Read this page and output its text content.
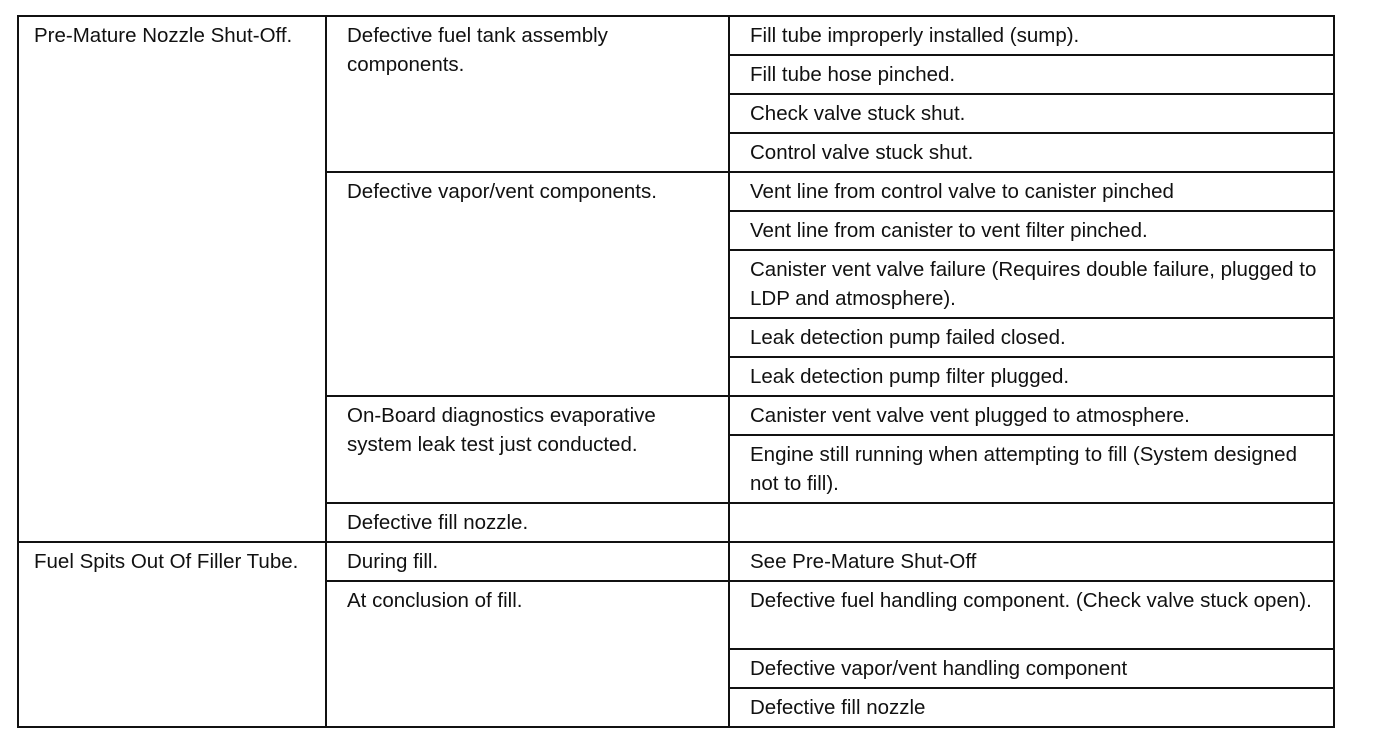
Pre-Mature Nozzle Shut-Off.	Defective fuel tank assembly components.	Fill tube improperly installed (sump).
		Fill tube hose pinched.
		Check valve stuck shut.
		Control valve stuck shut.
	Defective vapor/vent components.	Vent line from control valve to canister pinched
		Vent line from canister to vent filter pinched.
		Canister vent valve failure (Requires double failure, plugged to LDP and atmosphere).
		Leak detection pump failed closed.
		Leak detection pump filter plugged.
	On-Board diagnostics evaporative system leak test just conducted.	Canister vent valve vent plugged to atmosphere.
		Engine still running when attempting to fill (System designed not to fill).
	Defective fill nozzle.	
Fuel Spits Out Of Filler Tube.	During fill.	See Pre-Mature Shut-Off
	At conclusion of fill.	Defective fuel handling component. (Check valve stuck open).
		Defective vapor/vent handling component
		Defective fill nozzle
